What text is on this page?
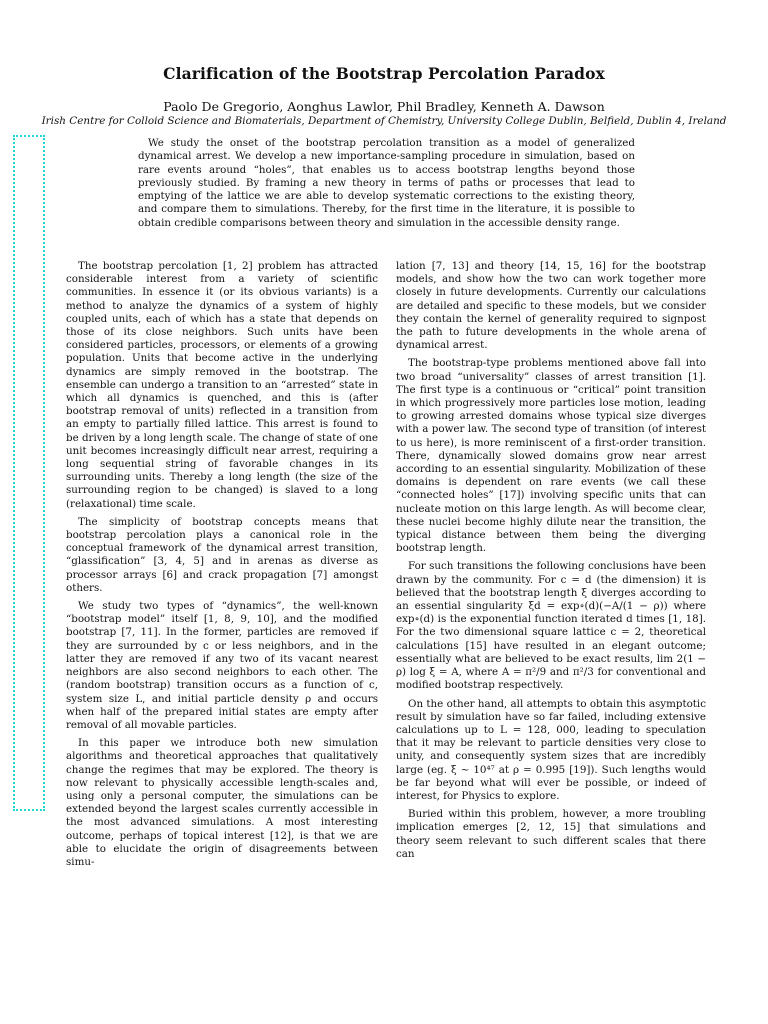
Clarification of the Bootstrap Percolation Paradox
Paolo De Gregorio, Aonghus Lawlor, Phil Bradley, Kenneth A. Dawson
Irish Centre for Colloid Science and Biomaterials, Department of Chemistry, University College Dublin, Belfield, Dublin 4, Ireland
We study the onset of the bootstrap percolation transition as a model of generalized dynamical arrest. We develop a new importance-sampling procedure in simulation, based on rare events around “holes”, that enables us to access bootstrap lengths beyond those previously studied. By framing a new theory in terms of paths or processes that lead to emptying of the lattice we are able to develop systematic corrections to the existing theory, and compare them to simulations. Thereby, for the first time in the literature, it is possible to obtain credible comparisons between theory and simulation in the accessible density range.

The bootstrap percolation [1, 2] problem has attracted considerable interest from a variety of scientific communities. In essence it (or its obvious variants) is a method to analyze the dynamics of a system of highly coupled units, each of which has a state that depends on those of its close neighbors. Such units have been considered particles, processors, or elements of a growing population. Units that become active in the underlying dynamics are simply removed in the bootstrap. The ensemble can undergo a transition to an “arrested” state in which all dynamics is quenched, and this is (after bootstrap removal of units) reflected in a transition from an empty to partially filled lattice. This arrest is found to be driven by a long length scale. The change of state of one unit becomes increasingly difficult near arrest, requiring a long sequential string of favorable changes in its surrounding units. Thereby a long length (the size of the surrounding region to be changed) is slaved to a long (relaxational) time scale.

The simplicity of bootstrap concepts means that bootstrap percolation plays a canonical role in the conceptual framework of the dynamical arrest transition, “glassification” [3, 4, 5] and in arenas as diverse as processor arrays [6] and crack propagation [7] amongst others.

We study two types of “dynamics”, the well-known “bootstrap model” itself [1, 8, 9, 10], and the modified bootstrap [7, 11]. In the former, particles are removed if they are surrounded by c or less neighbors, and in the latter they are removed if any two of its vacant nearest neighbors are also second neighbors to each other. The (random bootstrap) transition occurs as a function of c, system size L, and initial particle density ρ and occurs when half of the prepared initial states are empty after removal of all movable particles.

In this paper we introduce both new simulation algorithms and theoretical approaches that qualitatively change the regimes that may be explored. The theory is now relevant to physically accessible length-scales and, using only a personal computer, the simulations can be extended beyond the largest scales currently accessible in the most advanced simulations. A most interesting outcome, perhaps of topical interest [12], is that we are able to elucidate the origin of disagreements between simu-

lation [7, 13] and theory [14, 15, 16] for the bootstrap models, and show how the two can work together more closely in future developments. Currently our calculations are detailed and specific to these models, but we consider they contain the kernel of generality required to signpost the path to future developments in the whole arena of dynamical arrest.

The bootstrap-type problems mentioned above fall into two broad “universality” classes of arrest transition [1]. The first type is a continuous or “critical” point transition in which progressively more particles lose motion, leading to growing arrested domains whose typical size diverges with a power law. The second type of transition (of interest to us here), is more reminiscent of a first-order transition. There, dynamically slowed domains grow near arrest according to an essential singularity. Mobilization of these domains is dependent on rare events (we call these “connected holes” [17]) involving specific units that can nucleate motion on this large length. As will become clear, these nuclei become highly dilute near the transition, the typical distance between them being the diverging bootstrap length.

For such transitions the following conclusions have been drawn by the community. For c = d (the dimension) it is believed that the bootstrap length ξ diverges according to an essential singularity ξd = exp∘(d)(−A/(1 − ρ)) where exp∘(d) is the exponential function iterated d times [1, 18]. For the two dimensional square lattice c = 2, theoretical calculations [15] have resulted in an elegant outcome; essentially what are believed to be exact results, lim 2(1 − ρ) log ξ = A, where A = π²/9 and π²/3 for conventional and modified bootstrap respectively.

On the other hand, all attempts to obtain this asymptotic result by simulation have so far failed, including extensive calculations up to L = 128, 000, leading to speculation that it may be relevant to particle densities very close to unity, and consequently system sizes that are incredibly large (eg. ξ ∼ 10⁴⁷ at ρ = 0.995 [19]). Such lengths would be far beyond what will ever be possible, or indeed of interest, for Physics to explore.

Buried within this problem, however, a more troubling implication emerges [2, 12, 15] that simulations and theory seem relevant to such different scales that there can
